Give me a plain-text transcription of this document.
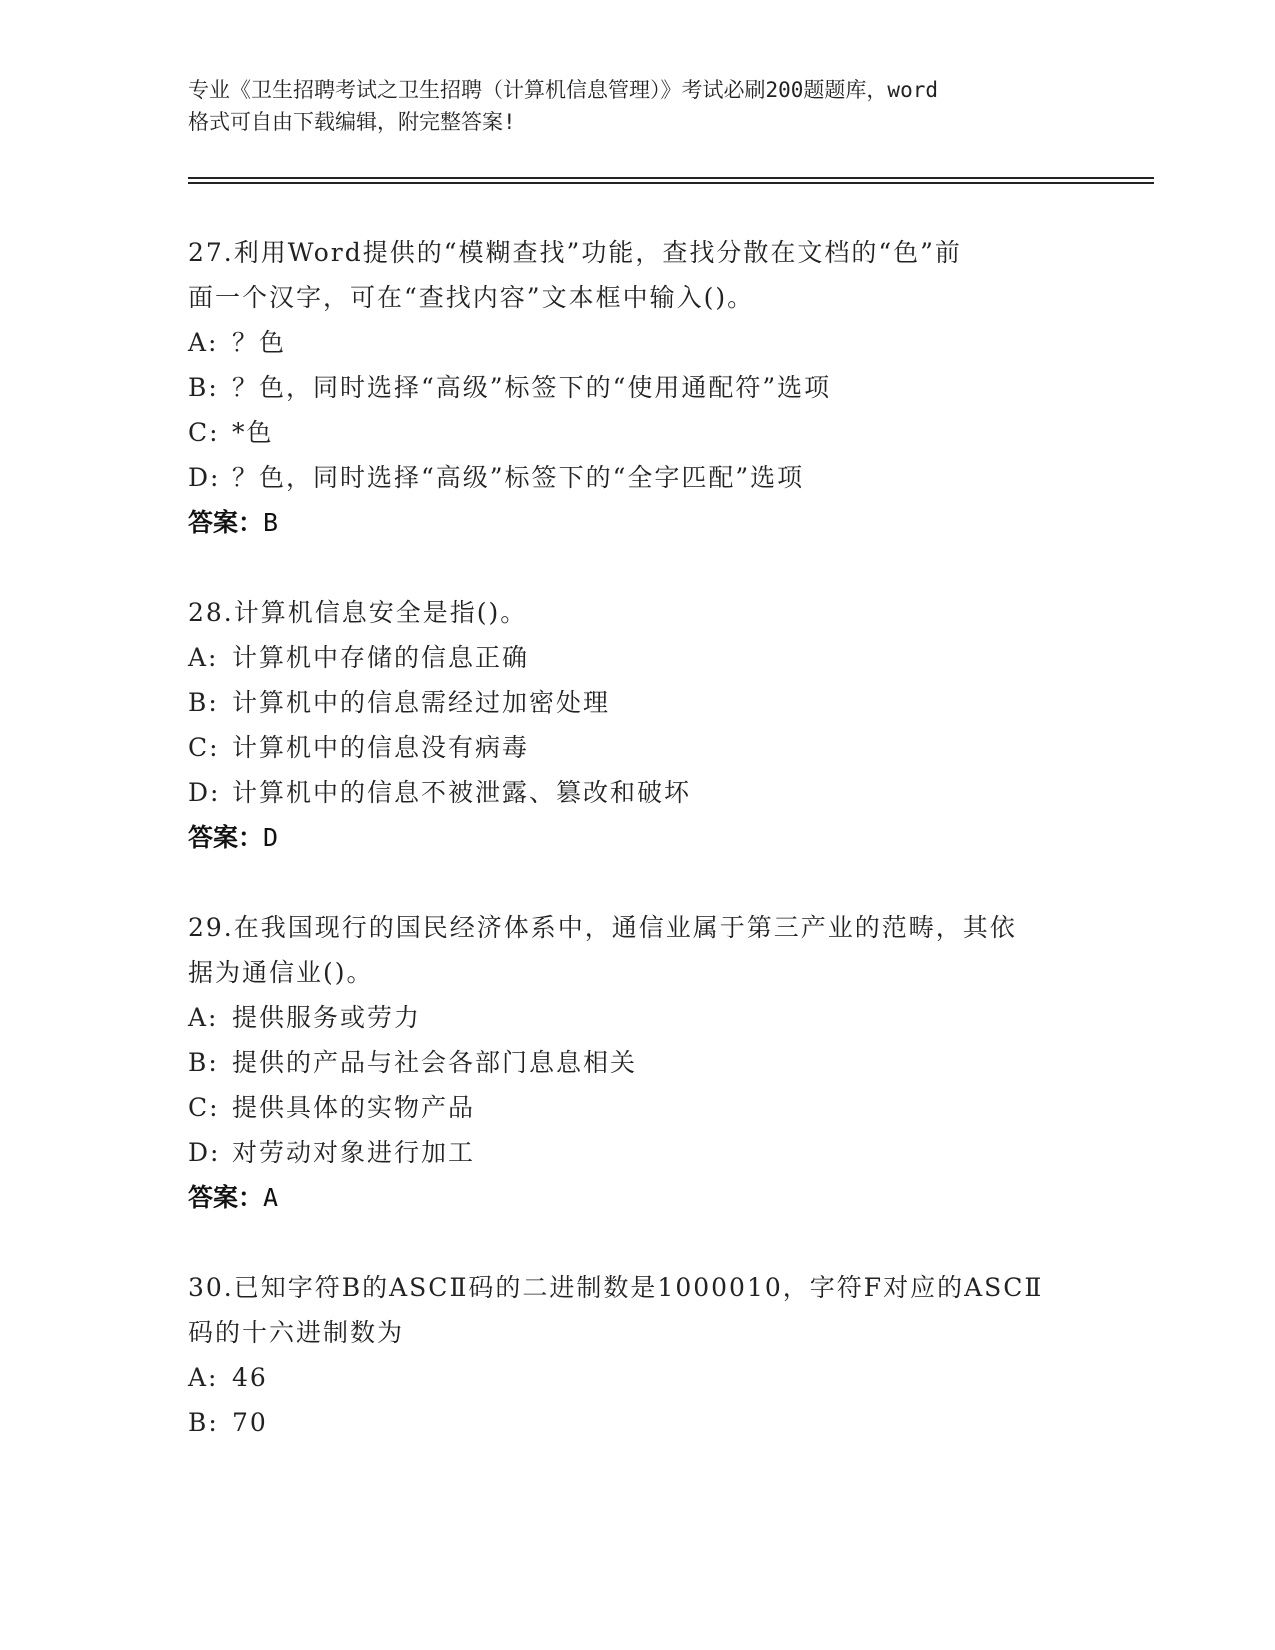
专业《卫生招聘考试之卫生招聘（计算机信息管理）》考试必刷200题题库，word
格式可自由下载编辑，附完整答案!
27.利用Word提供的“模糊查找”功能，查找分散在文档的“色”前
面一个汉字，可在“查找内容”文本框中输入()。
A: ？色
B: ？色，同时选择“高级”标签下的“使用通配符”选项
C: *色
D: ？色，同时选择“高级”标签下的“全字匹配”选项
答案：B
28.计算机信息安全是指()。
A: 计算机中存储的信息正确
B: 计算机中的信息需经过加密处理
C: 计算机中的信息没有病毒
D: 计算机中的信息不被泄露、篡改和破坏
答案：D
29.在我国现行的国民经济体系中，通信业属于第三产业的范畴，其依
据为通信业()。
A: 提供服务或劳力
B: 提供的产品与社会各部门息息相关
C: 提供具体的实物产品
D: 对劳动对象进行加工
答案：A
30.已知字符B的ASCⅡ码的二进制数是1000010，字符F对应的ASCⅡ
码的十六进制数为
A: 46
B: 70
